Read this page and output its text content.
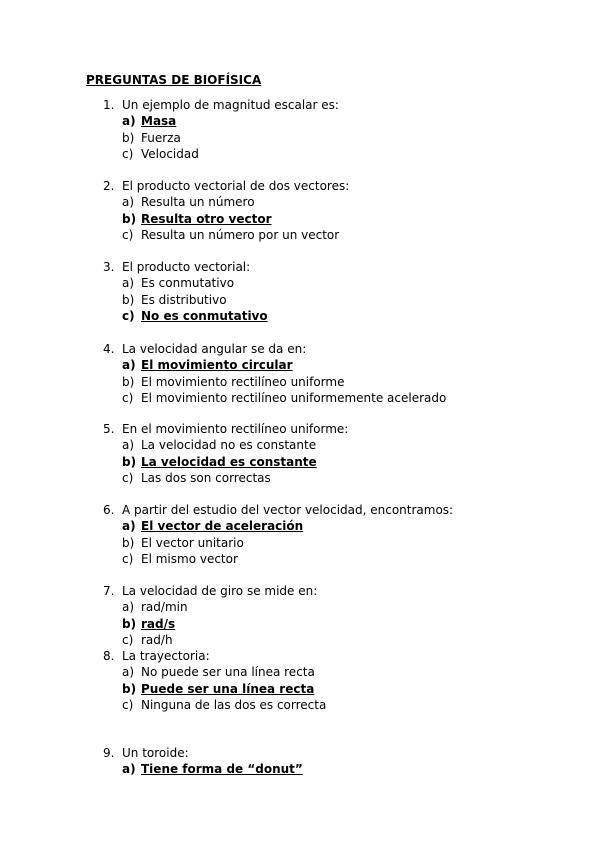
PREGUNTAS DE BIOFÍSICA
1. Un ejemplo de magnitud escalar es:
a) Masa
b) Fuerza
c) Velocidad
2. El producto vectorial de dos vectores:
a) Resulta un número
b) Resulta otro vector
c) Resulta un número por un vector
3. El producto vectorial:
a) Es conmutativo
b) Es distributivo
c) No es conmutativo
4. La velocidad angular se da en:
a) El movimiento circular
b) El movimiento rectilíneo uniforme
c) El movimiento rectilíneo uniformemente acelerado
5. En el movimiento rectilíneo uniforme:
a) La velocidad no es constante
b) La velocidad es constante
c) Las dos son correctas
6. A partir del estudio del vector velocidad, encontramos:
a) El vector de aceleración
b) El vector unitario
c) El mismo vector
7. La velocidad de giro se mide en:
a) rad/min
b) rad/s
c) rad/h
8. La trayectoria:
a) No puede ser una línea recta
b) Puede ser una línea recta
c) Ninguna de las dos es correcta
9. Un toroide:
a) Tiene forma de “donut”
